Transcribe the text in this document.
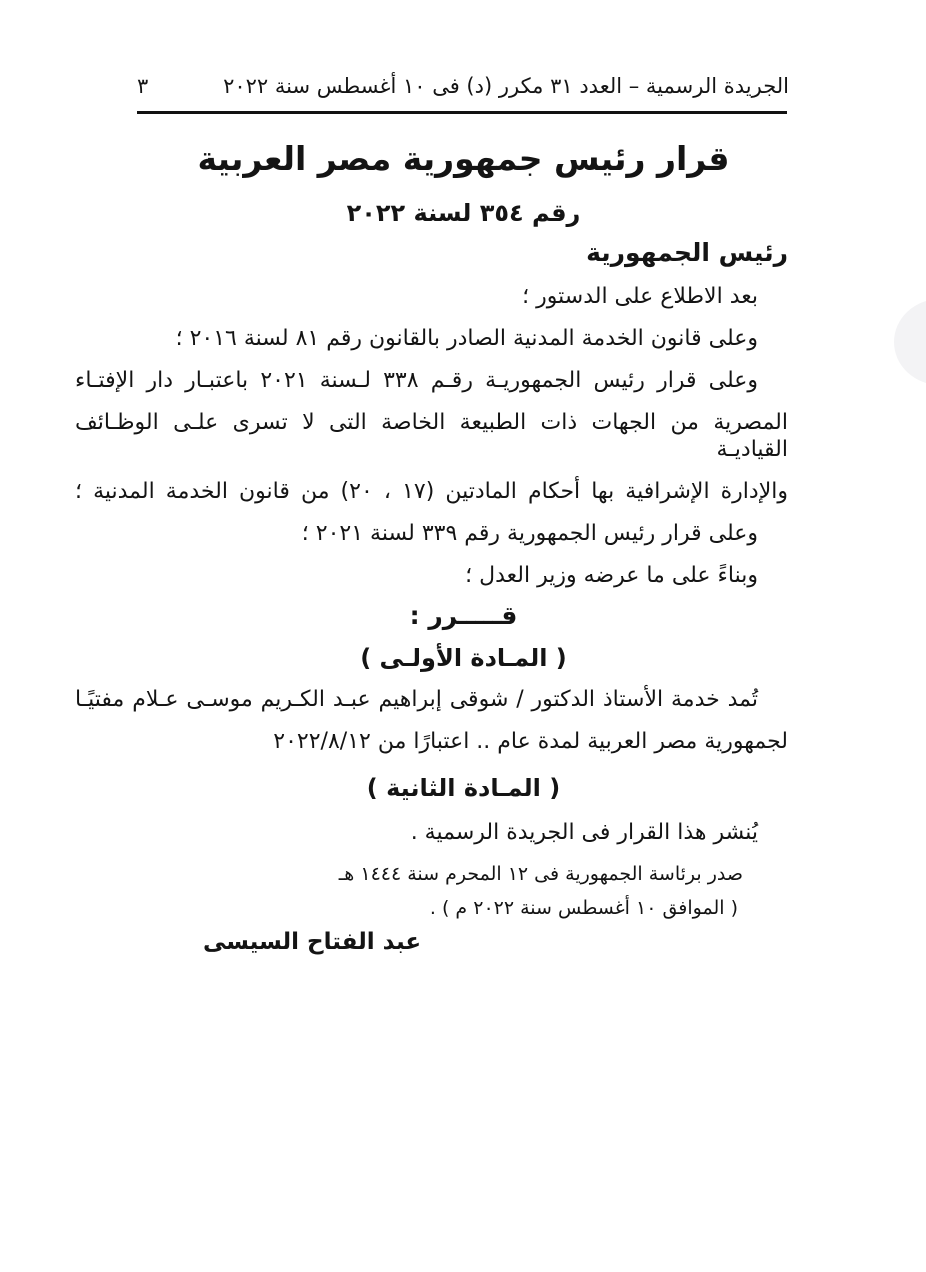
الجريدة الرسمية – العدد ٣١ مكرر (د) فى ١٠ أغسطس سنة ٢٠٢٢
٣
قرار رئيس جمهورية مصر العربية
رقم ٣٥٤ لسنة ٢٠٢٢
رئيس الجمهورية
بعد الاطلاع على الدستور ؛
وعلى قانون الخدمة المدنية الصادر بالقانون رقم ٨١ لسنة ٢٠١٦ ؛
وعلى قرار رئيس الجمهوريـة رقـم ٣٣٨ لـسنة ٢٠٢١ باعتبـار دار الإفتـاء
المصرية من الجهات ذات الطبيعة الخاصة التى لا تسرى علـى الوظـائف القياديـة
والإدارة الإشرافية بها أحكام المادتين (١٧ ، ٢٠) من قانون الخدمة المدنية ؛
وعلى قرار رئيس الجمهورية رقم ٣٣٩ لسنة ٢٠٢١ ؛
وبناءً على ما عرضه وزير العدل ؛
قـــــرر :
( المـادة الأولـى )
تُمد خدمة الأستاذ الدكتور / شوقى إبراهيم عبـد الكـريم موسـى عـلام مفتيًـا
لجمهورية مصر العربية لمدة عام .. اعتبارًا من ٢٠٢٢/٨/١٢
( المـادة الثانية )
يُنشر هذا القرار فى الجريدة الرسمية .
صدر برئاسة الجمهورية فى ١٢ المحرم سنة ١٤٤٤ هـ
( الموافق ١٠ أغسطس سنة ٢٠٢٢ م ) .
عبد الفتاح السيسى
